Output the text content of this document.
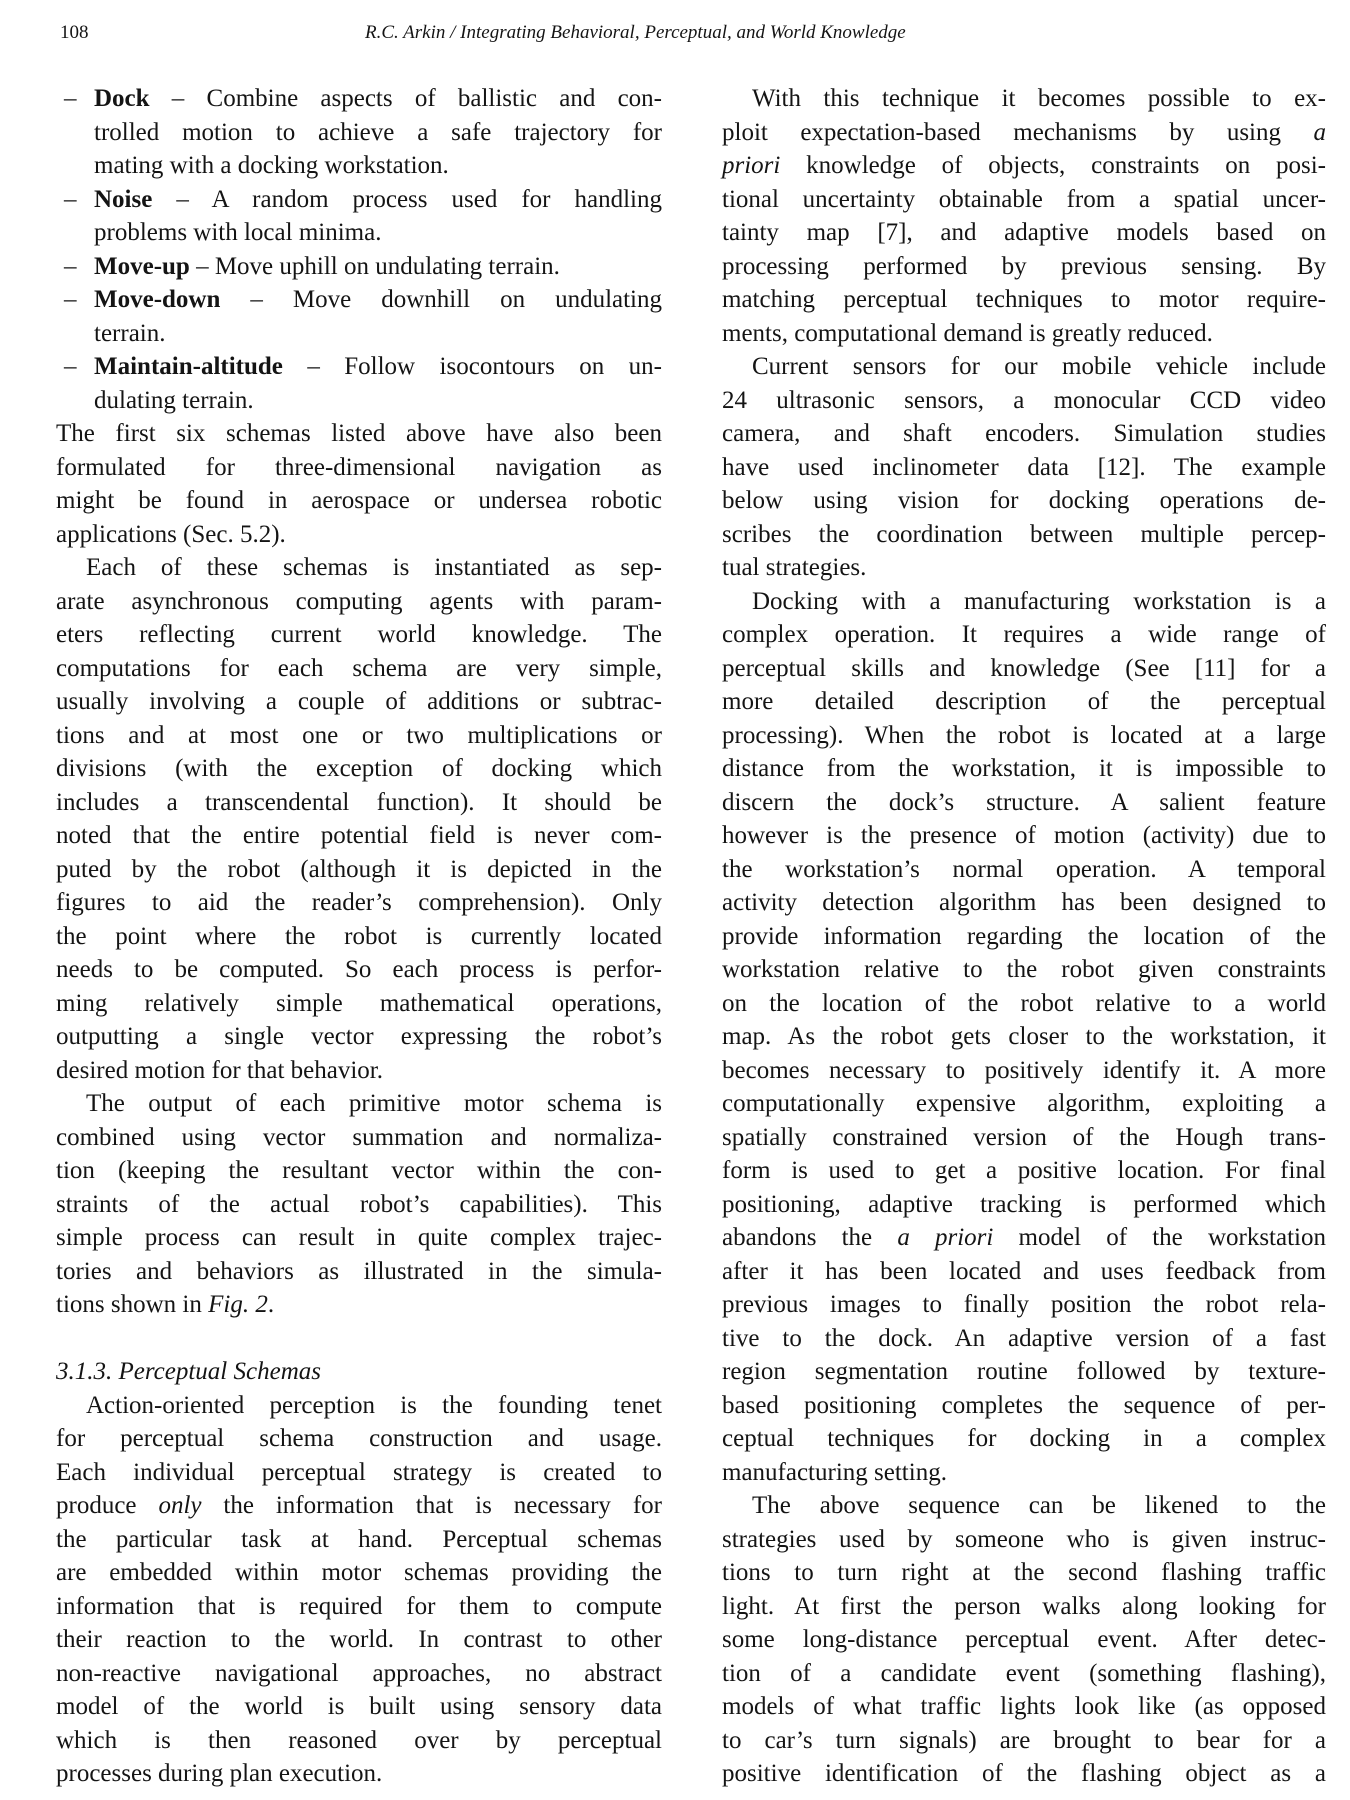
108	R.C. Arkin / Integrating Behavioral, Perceptual, and World Knowledge
– Dock – Combine aspects of ballistic and con-
trolled motion to achieve a safe trajectory for
mating with a docking workstation.
– Noise – A random process used for handling
problems with local minima.
– Move-up – Move uphill on undulating terrain.
– Move-down – Move downhill on undulating
terrain.
– Maintain-altitude – Follow isocontours on un-
dulating terrain.
The first six schemas listed above have also been
formulated for three-dimensional navigation as
might be found in aerospace or undersea robotic
applications (Sec. 5.2).
Each of these schemas is instantiated as sep-
arate asynchronous computing agents with param-
eters reflecting current world knowledge. The
computations for each schema are very simple,
usually involving a couple of additions or subtrac-
tions and at most one or two multiplications or
divisions (with the exception of docking which
includes a transcendental function). It should be
noted that the entire potential field is never com-
puted by the robot (although it is depicted in the
figures to aid the reader’s comprehension). Only
the point where the robot is currently located
needs to be computed. So each process is perfor-
ming relatively simple mathematical operations,
outputting a single vector expressing the robot’s
desired motion for that behavior.
The output of each primitive motor schema is
combined using vector summation and normaliza-
tion (keeping the resultant vector within the con-
straints of the actual robot’s capabilities). This
simple process can result in quite complex trajec-
tories and behaviors as illustrated in the simula-
tions shown in Fig. 2.
3.1.3. Perceptual Schemas
Action-oriented perception is the founding tenet
for perceptual schema construction and usage.
Each individual perceptual strategy is created to
produce only the information that is necessary for
the particular task at hand. Perceptual schemas
are embedded within motor schemas providing the
information that is required for them to compute
their reaction to the world. In contrast to other
non-reactive navigational approaches, no abstract
model of the world is built using sensory data
which is then reasoned over by perceptual
processes during plan execution.
With this technique it becomes possible to ex-
ploit expectation-based mechanisms by using a
priori knowledge of objects, constraints on posi-
tional uncertainty obtainable from a spatial uncer-
tainty map [7], and adaptive models based on
processing performed by previous sensing. By
matching perceptual techniques to motor require-
ments, computational demand is greatly reduced.
Current sensors for our mobile vehicle include
24 ultrasonic sensors, a monocular CCD video
camera, and shaft encoders. Simulation studies
have used inclinometer data [12]. The example
below using vision for docking operations de-
scribes the coordination between multiple percep-
tual strategies.
Docking with a manufacturing workstation is a
complex operation. It requires a wide range of
perceptual skills and knowledge (See [11] for a
more detailed description of the perceptual
processing). When the robot is located at a large
distance from the workstation, it is impossible to
discern the dock’s structure. A salient feature
however is the presence of motion (activity) due to
the workstation’s normal operation. A temporal
activity detection algorithm has been designed to
provide information regarding the location of the
workstation relative to the robot given constraints
on the location of the robot relative to a world
map. As the robot gets closer to the workstation, it
becomes necessary to positively identify it. A more
computationally expensive algorithm, exploiting a
spatially constrained version of the Hough trans-
form is used to get a positive location. For final
positioning, adaptive tracking is performed which
abandons the a priori model of the workstation
after it has been located and uses feedback from
previous images to finally position the robot rela-
tive to the dock. An adaptive version of a fast
region segmentation routine followed by texture-
based positioning completes the sequence of per-
ceptual techniques for docking in a complex
manufacturing setting.
The above sequence can be likened to the
strategies used by someone who is given instruc-
tions to turn right at the second flashing traffic
light. At first the person walks along looking for
some long-distance perceptual event. After detec-
tion of a candidate event (something flashing),
models of what traffic lights look like (as opposed
to car’s turn signals) are brought to bear for a
positive identification of the flashing object as a
